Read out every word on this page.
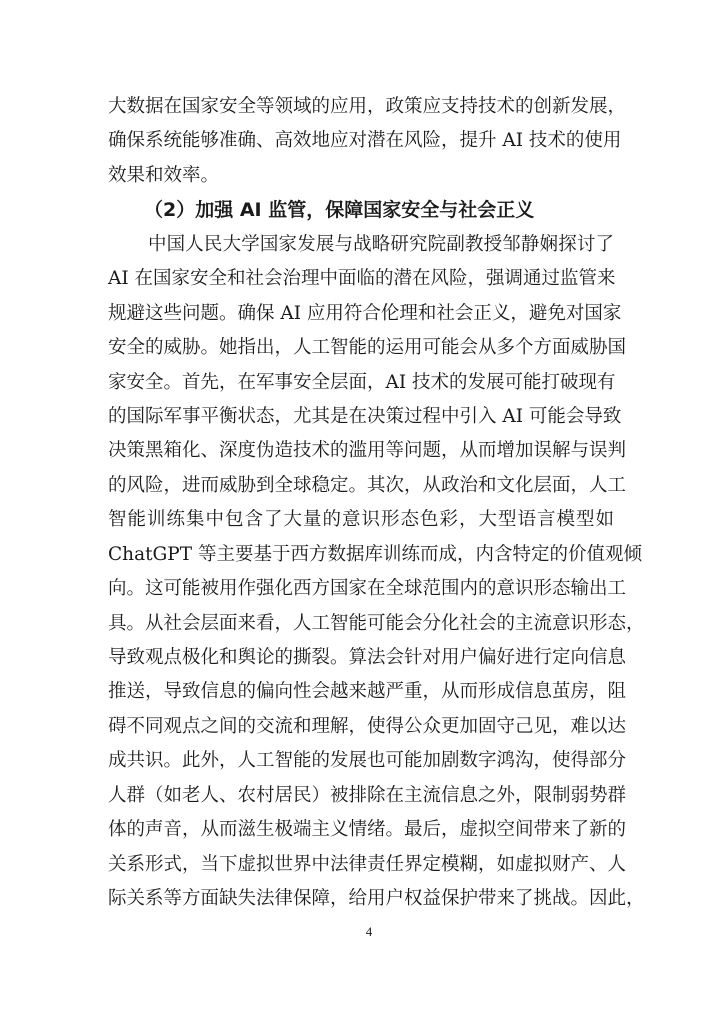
大数据在国家安全等领域的应用，政策应支持技术的创新发展，
确保系统能够准确、高效地应对潜在风险，提升 AI 技术的使用
效果和效率。
（2）加强 AI 监管，保障国家安全与社会正义
中国人民大学国家发展与战略研究院副教授邹静娴探讨了
AI 在国家安全和社会治理中面临的潜在风险，强调通过监管来
规避这些问题。确保 AI 应用符合伦理和社会正义，避免对国家
安全的威胁。她指出，人工智能的运用可能会从多个方面威胁国
家安全。首先，在军事安全层面，AI 技术的发展可能打破现有
的国际军事平衡状态，尤其是在决策过程中引入 AI 可能会导致
决策黑箱化、深度伪造技术的滥用等问题，从而增加误解与误判
的风险，进而威胁到全球稳定。其次，从政治和文化层面，人工
智能训练集中包含了大量的意识形态色彩，大型语言模型如
ChatGPT 等主要基于西方数据库训练而成，内含特定的价值观倾
向。这可能被用作强化西方国家在全球范围内的意识形态输出工
具。从社会层面来看，人工智能可能会分化社会的主流意识形态，
导致观点极化和舆论的撕裂。算法会针对用户偏好进行定向信息
推送，导致信息的偏向性会越来越严重，从而形成信息茧房，阻
碍不同观点之间的交流和理解，使得公众更加固守己见，难以达
成共识。此外，人工智能的发展也可能加剧数字鸿沟，使得部分
人群（如老人、农村居民）被排除在主流信息之外，限制弱势群
体的声音，从而滋生极端主义情绪。最后，虚拟空间带来了新的
关系形式，当下虚拟世界中法律责任界定模糊，如虚拟财产、人
际关系等方面缺失法律保障，给用户权益保护带来了挑战。因此，
4
